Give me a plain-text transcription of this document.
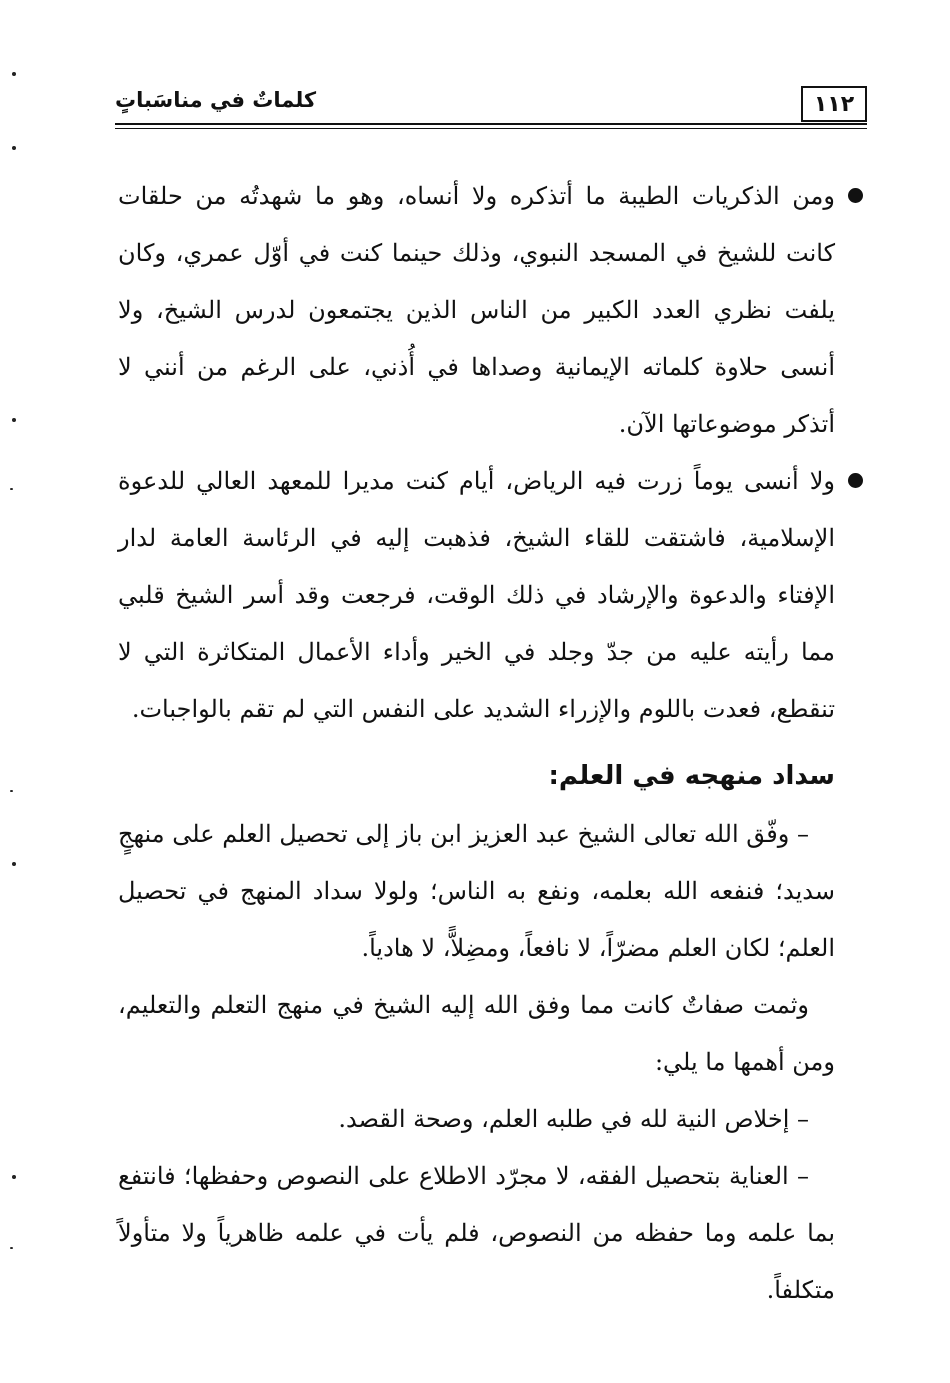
١١٢
كلماتٌ في مناسَباتٍ

ومن الذكريات الطيبة ما أتذكره ولا أنساه، وهو ما شهدتُه من حلقات كانت للشيخ في المسجد النبوي، وذلك حينما كنت في أوّل عمري، وكان يلفت نظري العدد الكبير من الناس الذين يجتمعون لدرس الشيخ، ولا أنسى حلاوة كلماته الإيمانية وصداها في أُذني، على الرغم من أنني لا أتذكر موضوعاتها الآن.

ولا أنسى يوماً زرت فيه الرياض، أيام كنت مديرا للمعهد العالي للدعوة الإسلامية، فاشتقت للقاء الشيخ، فذهبت إليه في الرئاسة العامة لدار الإفتاء والدعوة والإرشاد في ذلك الوقت، فرجعت وقد أسر الشيخ قلبي مما رأيته عليه من جدّ وجلد في الخير وأداء الأعمال المتكاثرة التي لا تنقطع، فعدت باللوم والإزراء الشديد على النفس التي لم تقم بالواجبات.

سداد منهجه في العلم:

– وفّق الله تعالى الشيخ عبد العزيز ابن باز إلى تحصيل العلم على منهجٍ سديد؛ فنفعه الله بعلمه، ونفع به الناس؛ ولولا سداد المنهج في تحصيل العلم؛ لكان العلم مضرّاً، لا نافعاً، ومضِلاًّ، لا هادياً.

وثمت صفاتٌ كانت مما وفق الله إليه الشيخ في منهج التعلم والتعليم، ومن أهمها ما يلي:

– إخلاص النية لله في طلبه العلم، وصحة القصد.

– العناية بتحصيل الفقه، لا مجرّد الاطلاع على النصوص وحفظها؛ فانتفع بما علمه وما حفظه من النصوص، فلم يأت في علمه ظاهرياً ولا متأولاً متكلفاً.
